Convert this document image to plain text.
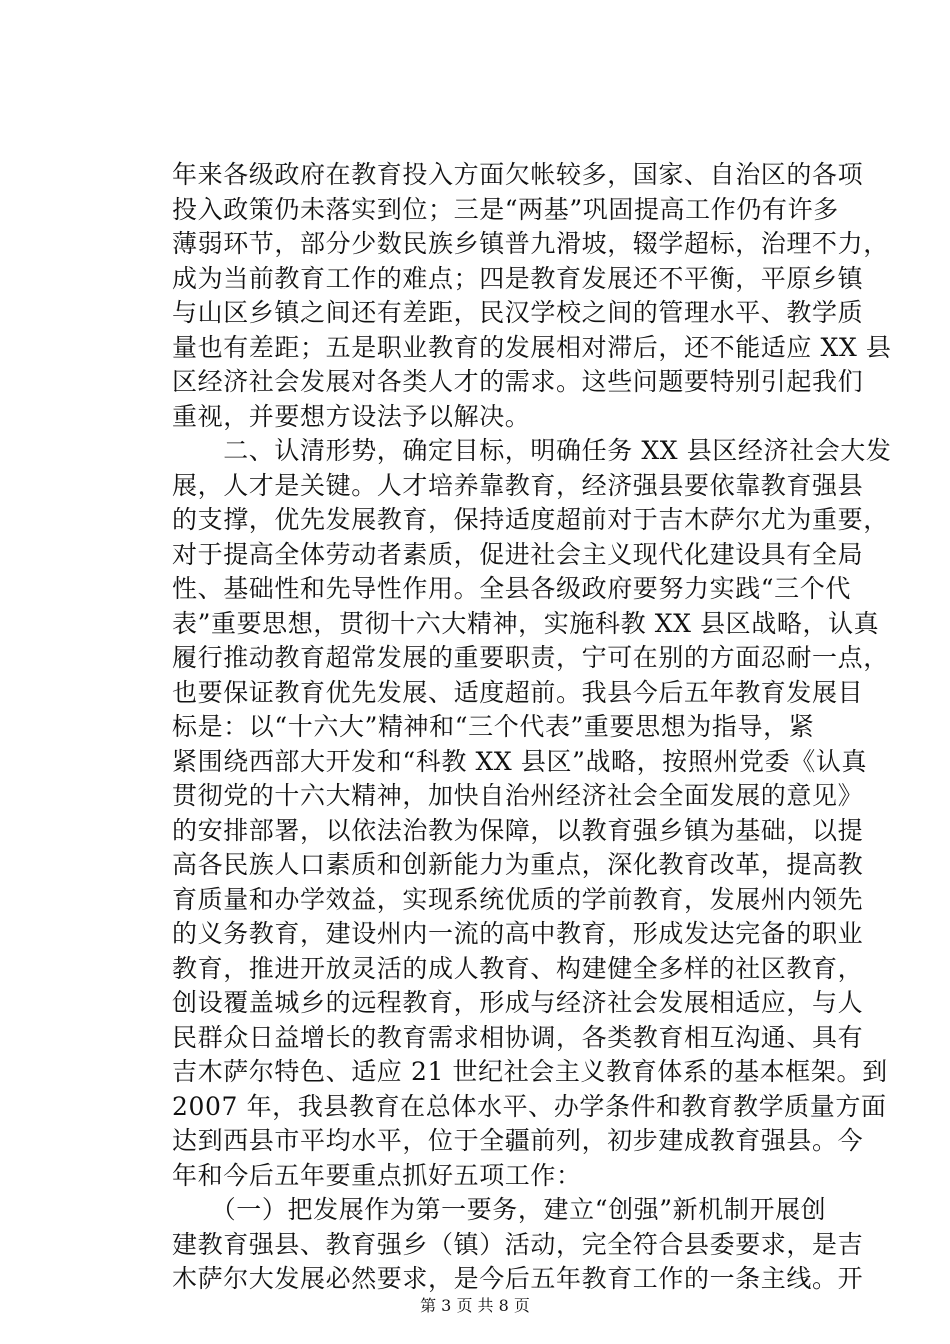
年来各级政府在教育投入方面欠帐较多，国家、自治区的各项
投入政策仍未落实到位；三是“两基”巩固提高工作仍有许多
薄弱环节，部分少数民族乡镇普九滑坡，辍学超标，治理不力，
成为当前教育工作的难点；四是教育发展还不平衡，平原乡镇
与山区乡镇之间还有差距，民汉学校之间的管理水平、教学质
量也有差距；五是职业教育的发展相对滞后，还不能适应 XX 县
区经济社会发展对各类人才的需求。这些问题要特别引起我们
重视，并要想方设法予以解决。
　　二、认清形势，确定目标，明确任务 XX 县区经济社会大发
展，人才是关键。人才培养靠教育，经济强县要依靠教育强县
的支撑，优先发展教育，保持适度超前对于吉木萨尔尤为重要，
对于提高全体劳动者素质，促进社会主义现代化建设具有全局
性、基础性和先导性作用。全县各级政府要努力实践“三个代
表”重要思想，贯彻十六大精神，实施科教 XX 县区战略，认真
履行推动教育超常发展的重要职责，宁可在别的方面忍耐一点，
也要保证教育优先发展、适度超前。我县今后五年教育发展目
标是：以“十六大”精神和“三个代表”重要思想为指导，紧
紧围绕西部大开发和“科教 XX 县区”战略，按照州党委《认真
贯彻党的十六大精神，加快自治州经济社会全面发展的意见》
的安排部署，以依法治教为保障，以教育强乡镇为基础，以提
高各民族人口素质和创新能力为重点，深化教育改革，提高教
育质量和办学效益，实现系统优质的学前教育，发展州内领先
的义务教育，建设州内一流的高中教育，形成发达完备的职业
教育，推进开放灵活的成人教育、构建健全多样的社区教育，
创设覆盖城乡的远程教育，形成与经济社会发展相适应，与人
民群众日益增长的教育需求相协调，各类教育相互沟通、具有
吉木萨尔特色、适应 21 世纪社会主义教育体系的基本框架。到
2007 年，我县教育在总体水平、办学条件和教育教学质量方面
达到西县市平均水平，位于全疆前列，初步建成教育强县。今
年和今后五年要重点抓好五项工作：
　　（一）把发展作为第一要务，建立“创强”新机制开展创
建教育强县、教育强乡（镇）活动，完全符合县委要求，是吉
木萨尔大发展必然要求，是今后五年教育工作的一条主线。开
第 3 页 共 8 页
